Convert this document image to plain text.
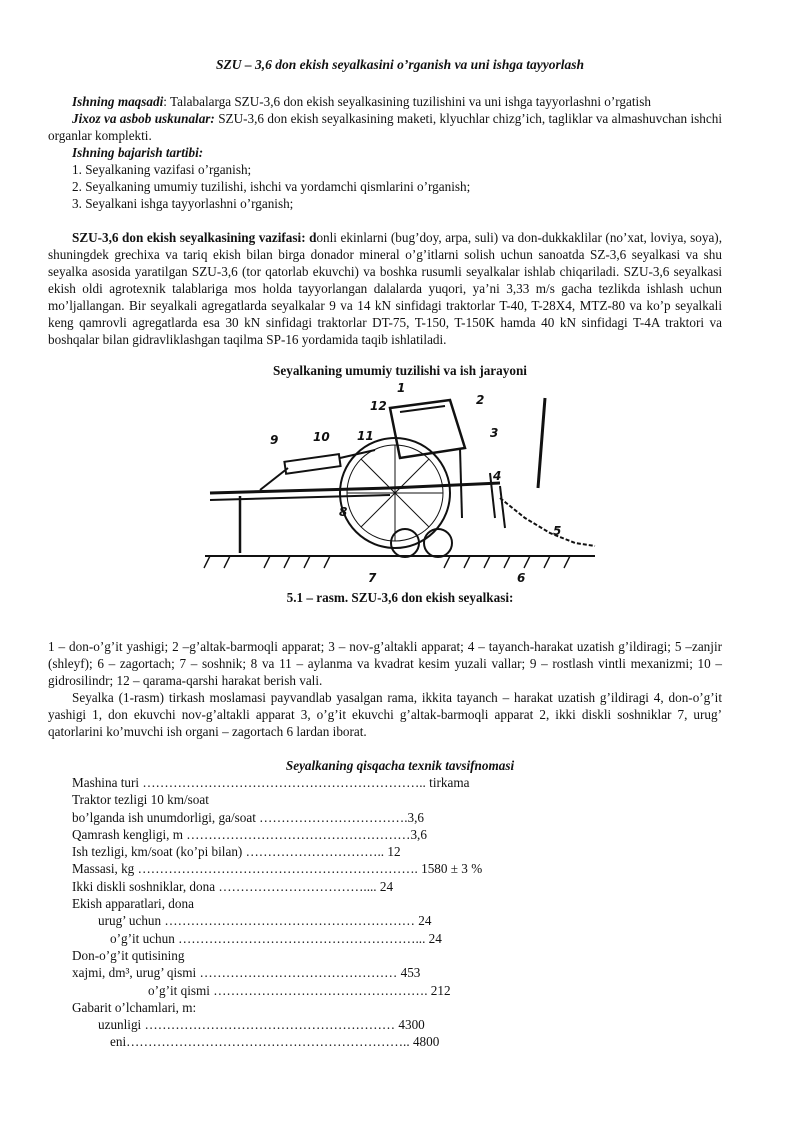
SZU – 3,6 don ekish seyalkasini o’rganish va uni ishga tayyorlash
Ishning maqsadi: Talabalarga SZU-3,6 don ekish seyalkasining tuzilishini va uni ishga tayyorlashni o’rgatish
Jixoz va asbob uskunalar: SZU-3,6 don ekish seyalkasining maketi, klyuchlar chizg’ich, tagliklar va almashuvchan ishchi organlar komplekti.
Ishning bajarish tartibi:
1. Seyalkaning vazifasi o’rganish;
2. Seyalkaning umumiy tuzilishi, ishchi va yordamchi qismlarini o’rganish;
3. Seyalkani ishga tayyorlashni o’rganish;
SZU-3,6 don ekish seyalkasining vazifasi: donli ekinlarni (bug’doy, arpa, suli) va don-dukkaklilar (no’xat, loviya, soya), shuningdek grechixa va tariq ekish bilan birga donador mineral o’g’itlarni solish uchun sanoatda SZ-3,6 seyalkasi va shu seyalka asosida yaratilgan SZU-3,6 (tor qatorlab ekuvchi) va boshka rusumli seyalkalar ishlab chiqariladi. SZU-3,6 seyalkasi ekish oldi agrotexnik talablariga mos holda tayyorlangan dalalarda yuqori, ya’ni 3,33 m/s gacha tezlikda ishlash uchun mo’ljallangan. Bir seyalkali agregatlarda seyalkalar 9 va 14 kN sinfidagi traktorlar T-40, T-28X4, MTZ-80 va ko’p seyalkali keng qamrovli agregatlarda esa 30 kN sinfidagi traktorlar DT-75, T-150, T-150K hamda 40 kN sinfidagi T-4A traktori va boshqalar bilan gidravliklashgan taqilma SP-16 yordamida taqib ishlatiladi.
Seyalkaning umumiy tuzilishi va ish jarayoni
1
2
3
4
5
6
7
8
9	10 11
12
5.1 – rasm. SZU-3,6 don ekish seyalkasi:
1 – don-o’g’it yashigi; 2 –g’altak-barmoqli apparat; 3 – nov-g’altakli apparat; 4 – tayanch-harakat uzatish g’ildiragi; 5 –zanjir (shleyf); 6 – zagortach; 7 – soshnik; 8 va 11 – aylanma va kvadrat kesim yuzali vallar; 9 – rostlash vintli mexanizmi; 10 – gidrosilindr; 12 – qarama-qarshi harakat berish vali.
Seyalka (1-rasm) tirkash moslamasi payvandlab yasalgan rama, ikkita tayanch – harakat uzatish g’ildiragi 4, don-o’g’it yashigi 1, don ekuvchi nov-g’altakli apparat 3, o’g’it ekuvchi g’altak-barmoqli apparat 2, ikki diskli soshniklar 7, urug’ qatorlarini ko’muvchi ish organi – zagortach 6 lardan iborat.
Seyalkaning qisqacha texnik tavsifnomasi
Mashina turi ……………………………………………………….. tirkama
Traktor tezligi 10 km/soat
bo’lganda ish unumdorligi, ga/soat …………………………….3,6
Qamrash kengligi, m ……………………………………………3,6
Ish tezligi, km/soat (ko’pi bilan) ………………………….. 12
Massasi, kg ………………………………………………………. 1580 ± 3 %
Ikki diskli soshniklar, dona …………………………….... 24
Ekish apparatlari, dona
urug’ uchun ………………………………………………… 24
o’g’it uchun ………………………………………………... 24
Don-o’g’it qutisining
xajmi, dm³, urug’ qismi ……………………………………… 453
o’g’it qismi …………………………………………. 212
Gabarit o’lchamlari, m:
uzunligi ………………………………………………… 4300
eni……………………………………………………….. 4800
